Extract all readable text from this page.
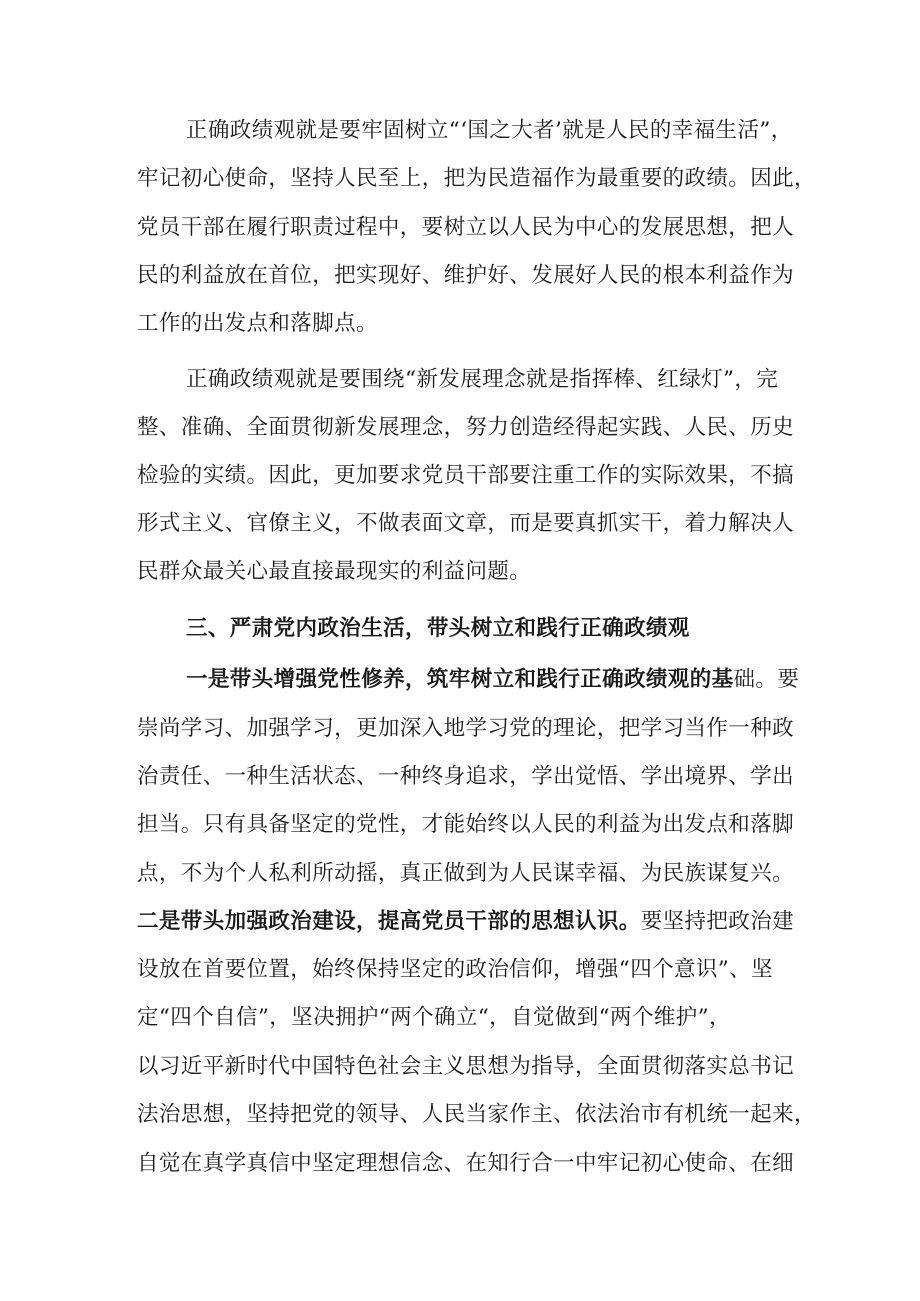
正确政绩观就是要牢固树立“‘国之大者’就是人民的幸福生活”，
牢记初心使命，坚持人民至上，把为民造福作为最重要的政绩。因此，
党员干部在履行职责过程中，要树立以人民为中心的发展思想，把人
民的利益放在首位，把实现好、维护好、发展好人民的根本利益作为
工作的出发点和落脚点。
正确政绩观就是要围绕“新发展理念就是指挥棒、红绿灯”，完
整、准确、全面贯彻新发展理念，努力创造经得起实践、人民、历史
检验的实绩。因此，更加要求党员干部要注重工作的实际效果，不搞
形式主义、官僚主义，不做表面文章，而是要真抓实干，着力解决人
民群众最关心最直接最现实的利益问题。
三、严肃党内政治生活，带头树立和践行正确政绩观
一是带头增强党性修养，筑牢树立和践行正确政绩观的基础。要
崇尚学习、加强学习，更加深入地学习党的理论，把学习当作一种政
治责任、一种生活状态、一种终身追求，学出觉悟、学出境界、学出
担当。只有具备坚定的党性，才能始终以人民的利益为出发点和落脚
点，不为个人私利所动摇，真正做到为人民谋幸福、为民族谋复兴。
二是带头加强政治建设，提高党员干部的思想认识。要坚持把政治建
设放在首要位置，始终保持坚定的政治信仰，增强“四个意识”、坚
定“四个自信”，坚决拥护“两个确立“，自觉做到“两个维护”，
以习近平新时代中国特色社会主义思想为指导，全面贯彻落实总书记
法治思想，坚持把党的领导、人民当家作主、依法治市有机统一起来，
自觉在真学真信中坚定理想信念、在知行合一中牢记初心使命、在细
